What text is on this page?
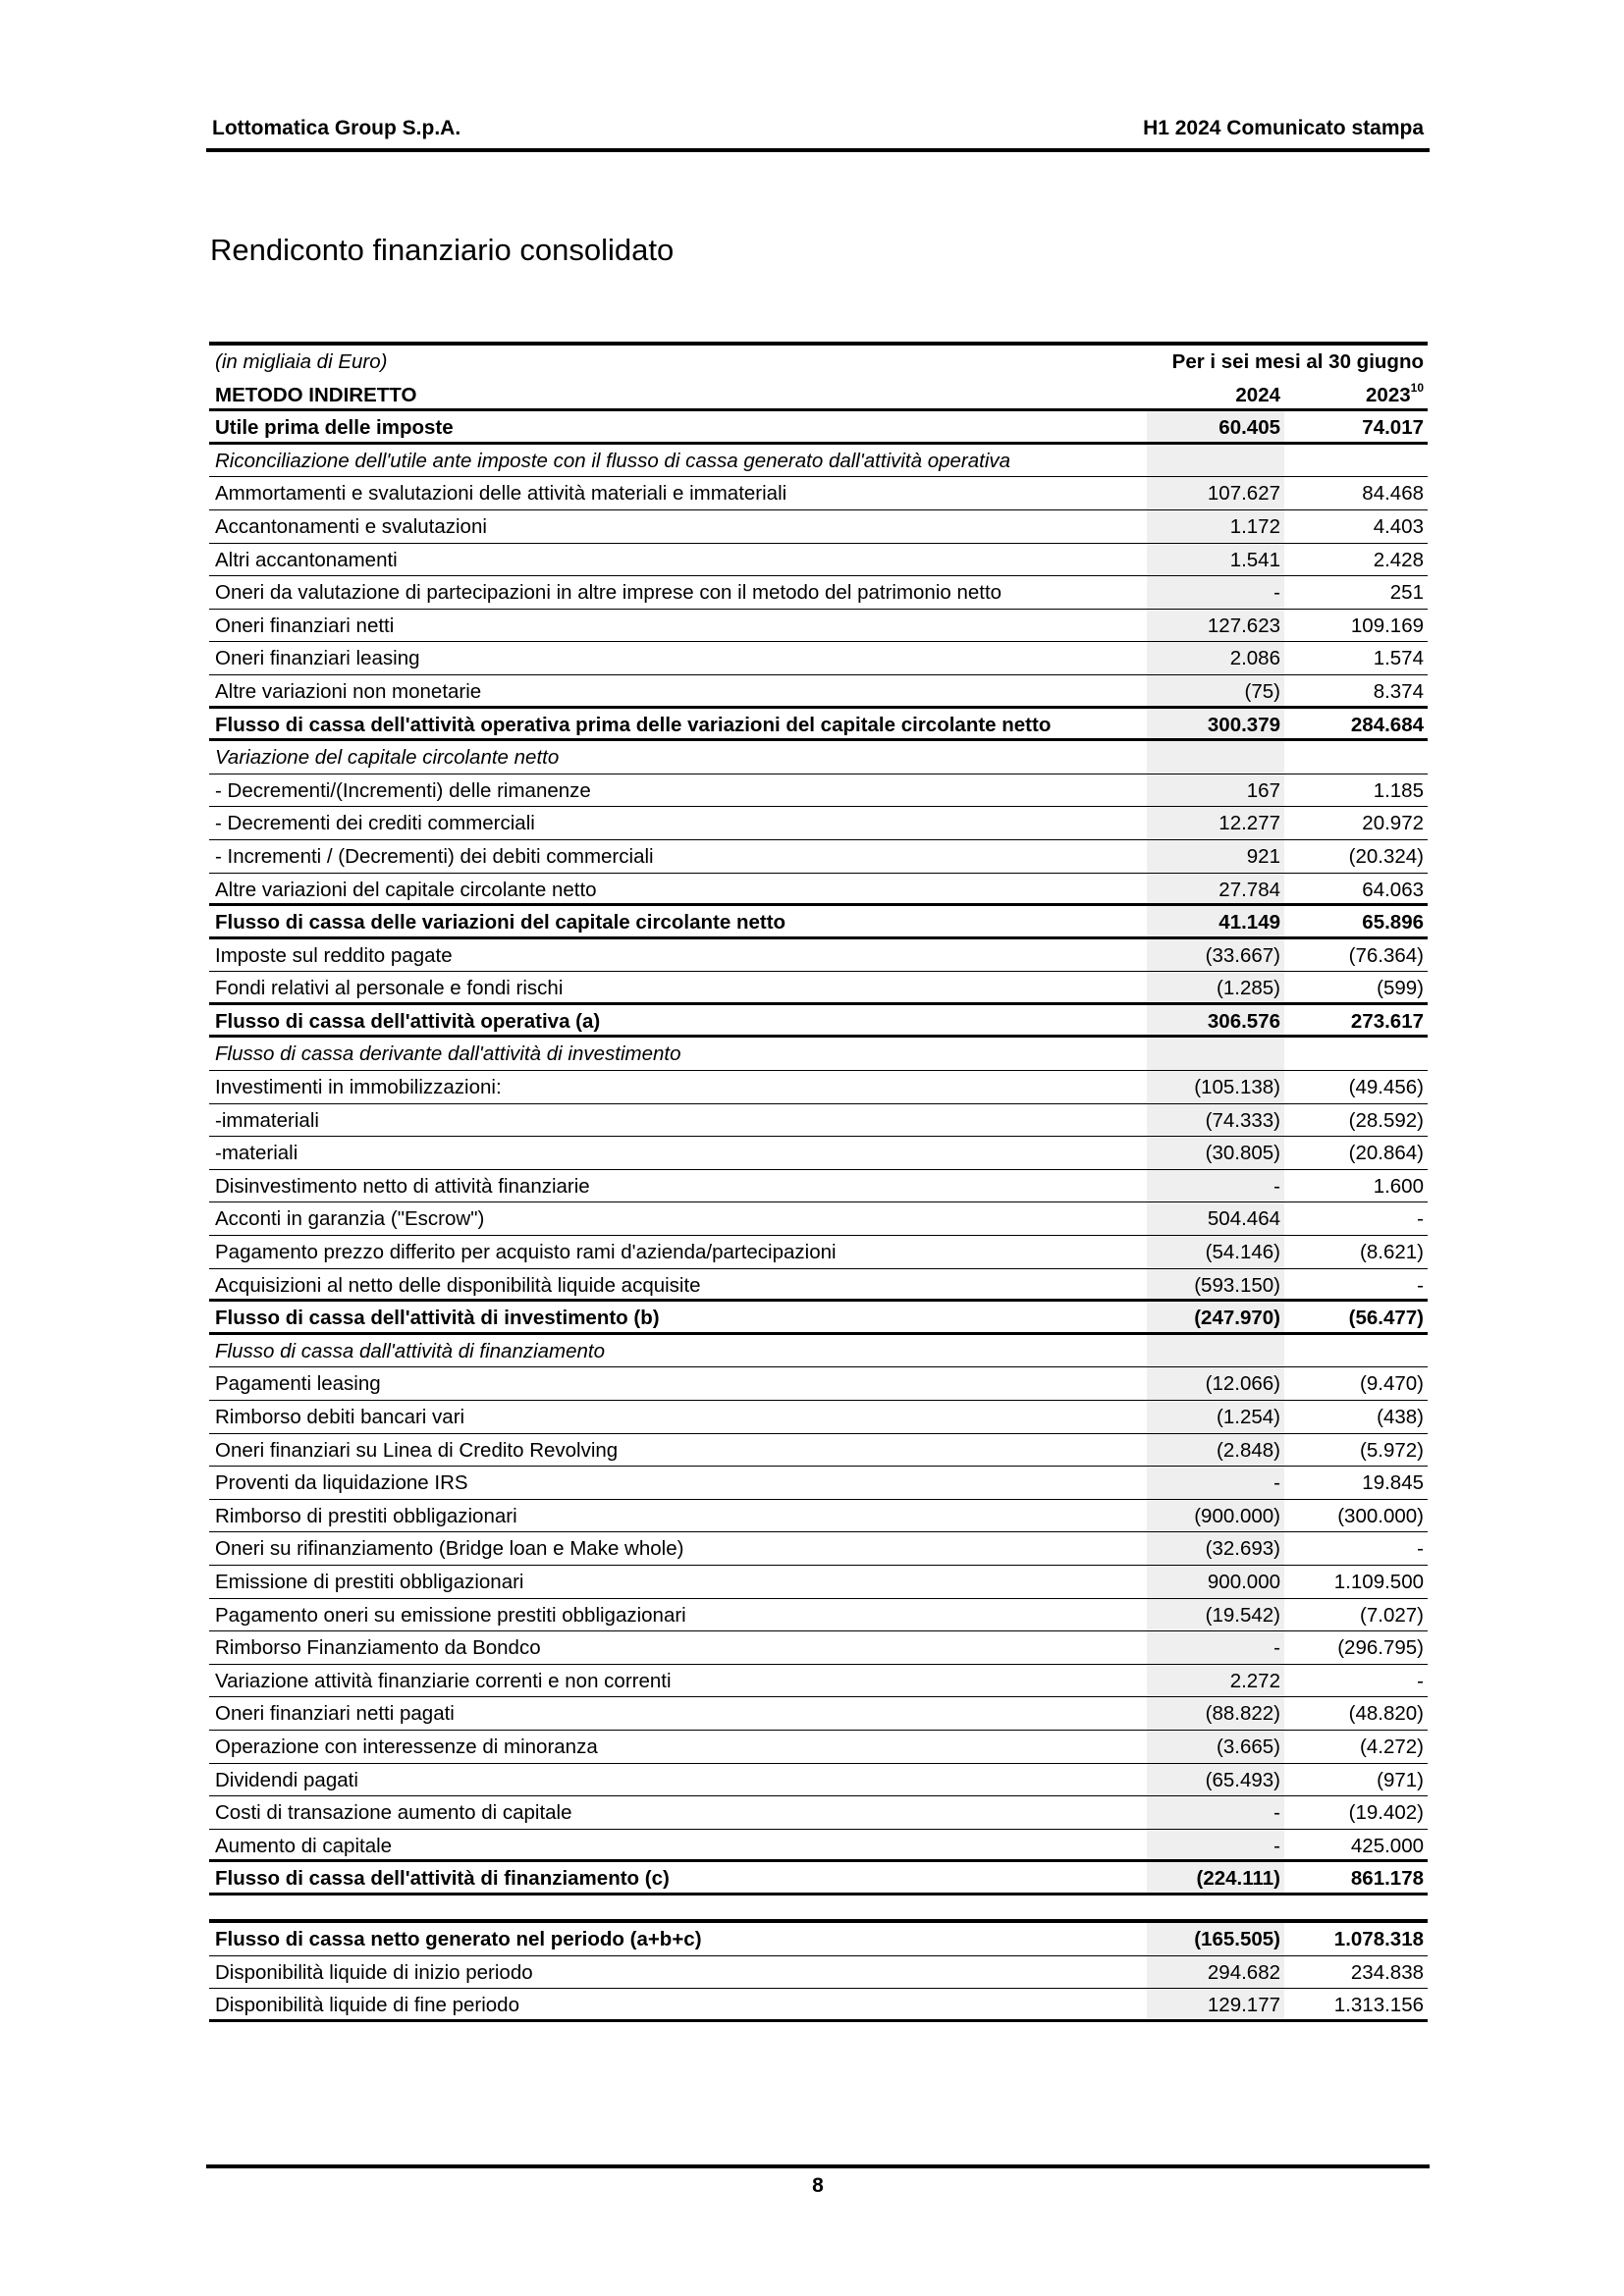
Lottomatica Group S.p.A.	H1 2024 Comunicato stampa
Rendiconto finanziario consolidato
(in migliaia di Euro)	Per i sei mesi al 30 giugno
METODO INDIRETTO	2024	2023$^{10}$
Utile prima delle imposte	60.405	74.017
Riconciliazione dell'utile ante imposte con il flusso di cassa generato dall'attività operativa
Ammortamenti e svalutazioni delle attività materiali e immateriali	107.627	84.468
Accantonamenti e svalutazioni	1.172	4.403
Altri accantonamenti	1.541	2.428
Oneri da valutazione di partecipazioni in altre imprese con il metodo del patrimonio netto	-	251
Oneri finanziari netti	127.623	109.169
Oneri finanziari leasing	2.086	1.574
Altre variazioni non monetarie	(75)	8.374
Flusso di cassa dell'attività operativa prima delle variazioni del capitale circolante netto	300.379	284.684
Variazione del capitale circolante netto
- Decrementi/(Incrementi) delle rimanenze	167	1.185
- Decrementi dei crediti commerciali	12.277	20.972
- Incrementi / (Decrementi) dei debiti commerciali	921	(20.324)
Altre variazioni del capitale circolante netto	27.784	64.063
Flusso di cassa delle variazioni del capitale circolante netto	41.149	65.896
Imposte sul reddito pagate	(33.667)	(76.364)
Fondi relativi al personale e fondi rischi	(1.285)	(599)
Flusso di cassa dell'attività operativa (a)	306.576	273.617
Flusso di cassa derivante dall'attività di investimento
Investimenti in immobilizzazioni:	(105.138)	(49.456)
-immateriali	(74.333)	(28.592)
-materiali	(30.805)	(20.864)
Disinvestimento netto di attività finanziarie	-	1.600
Acconti in garanzia ("Escrow")	504.464	-
Pagamento prezzo differito per acquisto rami d'azienda/partecipazioni	(54.146)	(8.621)
Acquisizioni al netto delle disponibilità liquide acquisite	(593.150)	-
Flusso di cassa dell'attività di investimento (b)	(247.970)	(56.477)
Flusso di cassa dall'attività di finanziamento
Pagamenti leasing	(12.066)	(9.470)
Rimborso debiti bancari vari	(1.254)	(438)
Oneri finanziari su Linea di Credito Revolving	(2.848)	(5.972)
Proventi da liquidazione IRS	-	19.845
Rimborso di prestiti obbligazionari	(900.000)	(300.000)
Oneri su rifinanziamento (Bridge loan e Make whole)	(32.693)	-
Emissione di prestiti obbligazionari	900.000	1.109.500
Pagamento oneri su emissione prestiti obbligazionari	(19.542)	(7.027)
Rimborso Finanziamento da Bondco	-	(296.795)
Variazione attività finanziarie correnti e non correnti	2.272	-
Oneri finanziari netti pagati	(88.822)	(48.820)
Operazione con interessenze di minoranza	(3.665)	(4.272)
Dividendi pagati	(65.493)	(971)
Costi di transazione aumento di capitale	-	(19.402)
Aumento di capitale	-	425.000
Flusso di cassa dell'attività di finanziamento (c)	(224.111)	861.178
Flusso di cassa netto generato nel periodo (a+b+c)	(165.505)	1.078.318
Disponibilità liquide di inizio periodo	294.682	234.838
Disponibilità liquide di fine periodo	129.177	1.313.156
8
